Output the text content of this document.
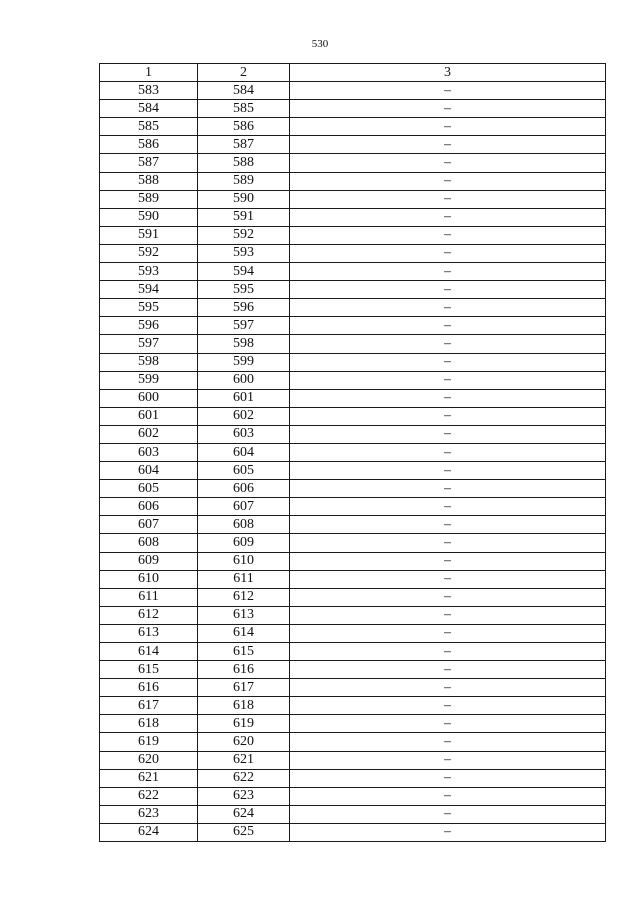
530
1	2	3
583	584	–
584	585	–
585	586	–
586	587	–
587	588	–
588	589	–
589	590	–
590	591	–
591	592	–
592	593	–
593	594	–
594	595	–
595	596	–
596	597	–
597	598	–
598	599	–
599	600	–
600	601	–
601	602	–
602	603	–
603	604	–
604	605	–
605	606	–
606	607	–
607	608	–
608	609	–
609	610	–
610	611	–
611	612	–
612	613	–
613	614	–
614	615	–
615	616	–
616	617	–
617	618	–
618	619	–
619	620	–
620	621	–
621	622	–
622	623	–
623	624	–
624	625	–
